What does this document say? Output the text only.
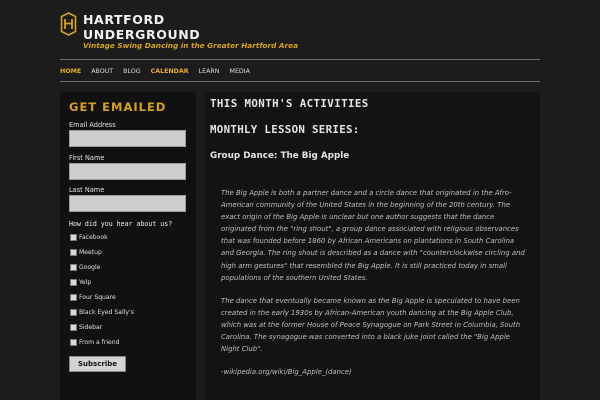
HARTFORD UNDERGROUND
Vintage Swing Dancing in the Greater Hartford Area
HOME ABOUT BLOG CALENDAR LEARN MEDIA
GET EMAILED
Email Address
First Name
Last Name
How did you hear about us?
Facebook
Meetup
Google
Yelp
Four Square
Black Eyed Sally's
Sidebar
From a friend
Subscribe
THIS MONTH'S ACTIVITIES
MONTHLY LESSON SERIES:
Group Dance: The Big Apple

The Big Apple is both a partner dance and a circle dance that originated in the Afro-American community of the United States in the beginning of the 20th century. The exact origin of the Big Apple is unclear but one author suggests that the dance originated from the "ring shout", a group dance associated with religious observances that was founded before 1860 by African Americans on plantations in South Carolina and Georgia. The ring shout is described as a dance with "counterclockwise circling and high arm gestures" that resembled the Big Apple. It is still practiced today in small populations of the southern United States.

The dance that eventually became known as the Big Apple is speculated to have been created in the early 1930s by African-American youth dancing at the Big Apple Club, which was at the former House of Peace Synagogue on Park Street in Columbia, South Carolina. The synagogue was converted into a black juke joint called the "Big Apple Night Club".

-wikipedia.org/wiki/Big_Apple_(dance)
